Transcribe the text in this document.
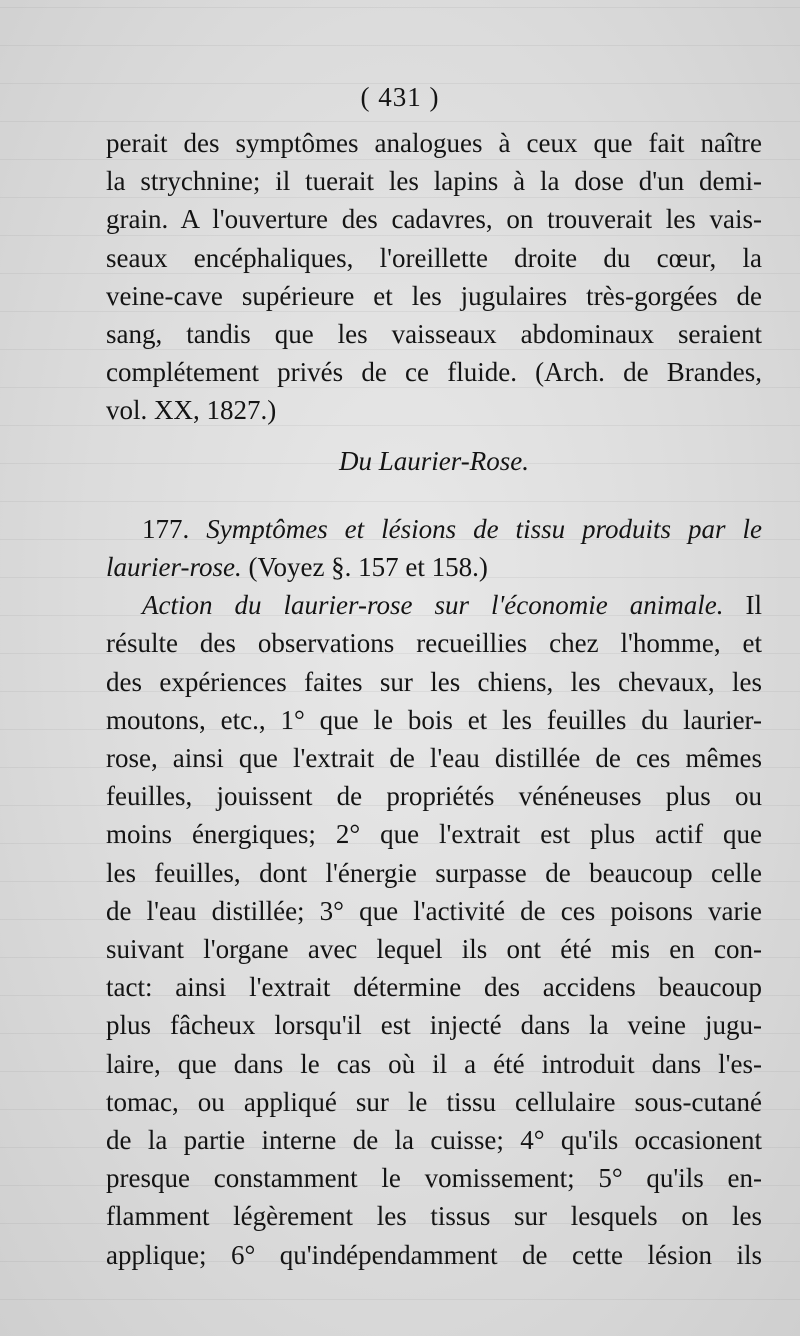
( 431 )

perait des symptômes analogues à ceux que fait naître

la strychnine; il tuerait les lapins à la dose d'un demi-

grain. A l'ouverture des cadavres, on trouverait les vais-

seaux encéphaliques, l'oreillette droite du cœur, la

veine-cave supérieure et les jugulaires très-gorgées de

sang, tandis que les vaisseaux abdominaux seraient

complétement privés de ce fluide. (Arch. de Brandes,

vol. XX, 1827.)

Du Laurier-Rose.

177. Symptômes et lésions de tissu produits par le

laurier-rose. (Voyez §. 157 et 158.)

Action du laurier-rose sur l'économie animale. Il

résulte des observations recueillies chez l'homme, et

des expériences faites sur les chiens, les chevaux, les

moutons, etc., 1° que le bois et les feuilles du laurier-

rose, ainsi que l'extrait de l'eau distillée de ces mêmes

feuilles, jouissent de propriétés vénéneuses plus ou

moins énergiques; 2° que l'extrait est plus actif que

les feuilles, dont l'énergie surpasse de beaucoup celle

de l'eau distillée; 3° que l'activité de ces poisons varie

suivant l'organe avec lequel ils ont été mis en con-

tact: ainsi l'extrait détermine des accidens beaucoup

plus fâcheux lorsqu'il est injecté dans la veine jugu-

laire, que dans le cas où il a été introduit dans l'es-

tomac, ou appliqué sur le tissu cellulaire sous-cutané

de la partie interne de la cuisse; 4° qu'ils occasionent

presque constamment le vomissement; 5° qu'ils en-

flamment légèrement les tissus sur lesquels on les

applique; 6° qu'indépendamment de cette lésion ils
